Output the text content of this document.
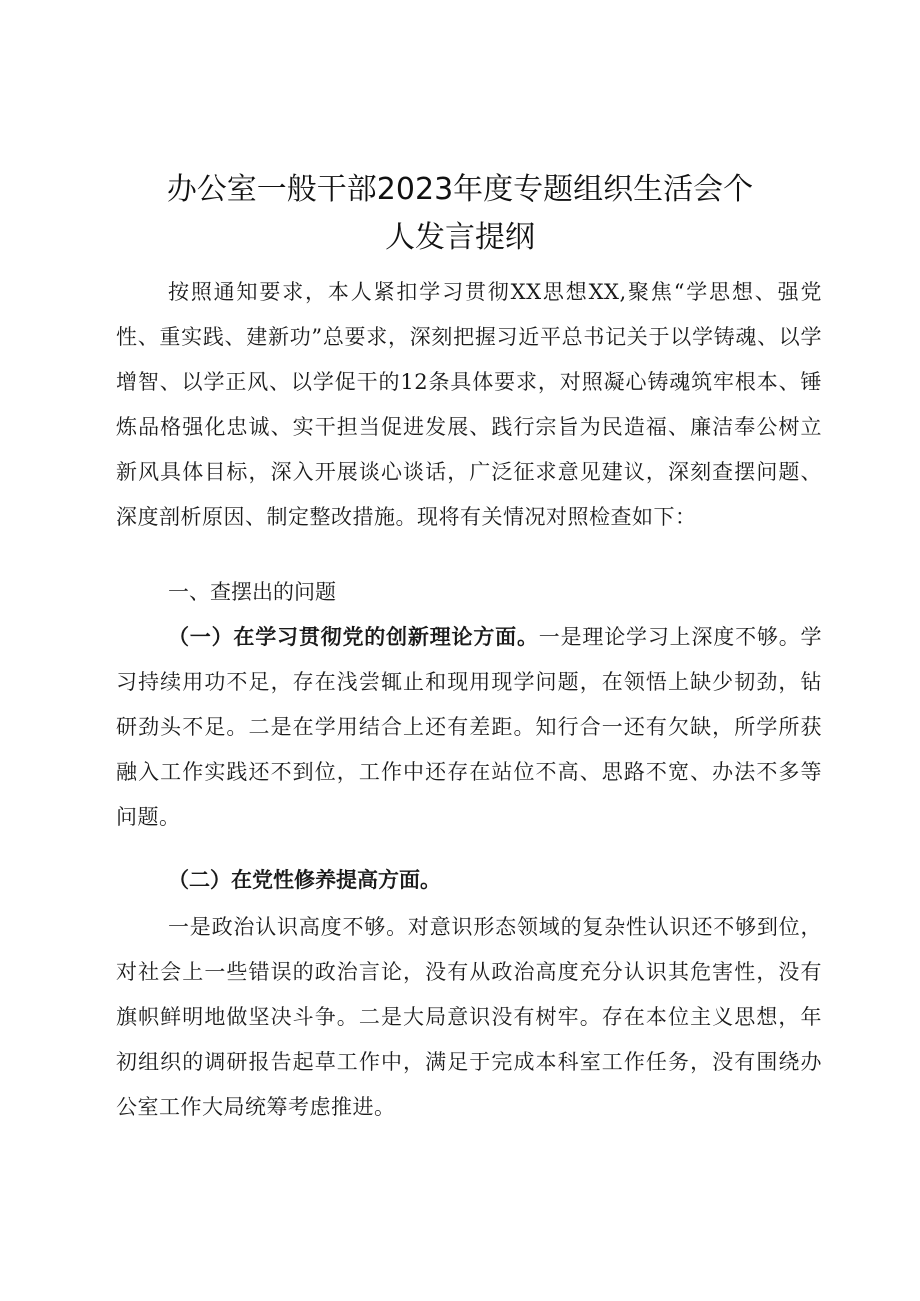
办公室一般干部2023年度专题组织生活会个
人发言提纲

按照通知要求，本人紧扣学习贯彻XX思想XX,聚焦“学思想、强党性、重实践、建新功”总要求，深刻把握习近平总书记关于以学铸魂、以学增智、以学正风、以学促干的12条具体要求，对照凝心铸魂筑牢根本、锤炼品格强化忠诚、实干担当促进发展、践行宗旨为民造福、廉洁奉公树立新风具体目标，深入开展谈心谈话，广泛征求意见建议，深刻查摆问题、深度剖析原因、制定整改措施。现将有关情况对照检查如下：

一、查摆出的问题

（一）在学习贯彻党的创新理论方面。一是理论学习上深度不够。学习持续用功不足，存在浅尝辄止和现用现学问题，在领悟上缺少韧劲，钻研劲头不足。二是在学用结合上还有差距。知行合一还有欠缺，所学所获融入工作实践还不到位，工作中还存在站位不高、思路不宽、办法不多等问题。

（二）在党性修养提高方面。

一是政治认识高度不够。对意识形态领域的复杂性认识还不够到位，对社会上一些错误的政治言论，没有从政治高度充分认识其危害性，没有旗帜鲜明地做坚决斗争。二是大局意识没有树牢。存在本位主义思想，年初组织的调研报告起草工作中，满足于完成本科室工作任务，没有围绕办公室工作大局统筹考虑推进。
